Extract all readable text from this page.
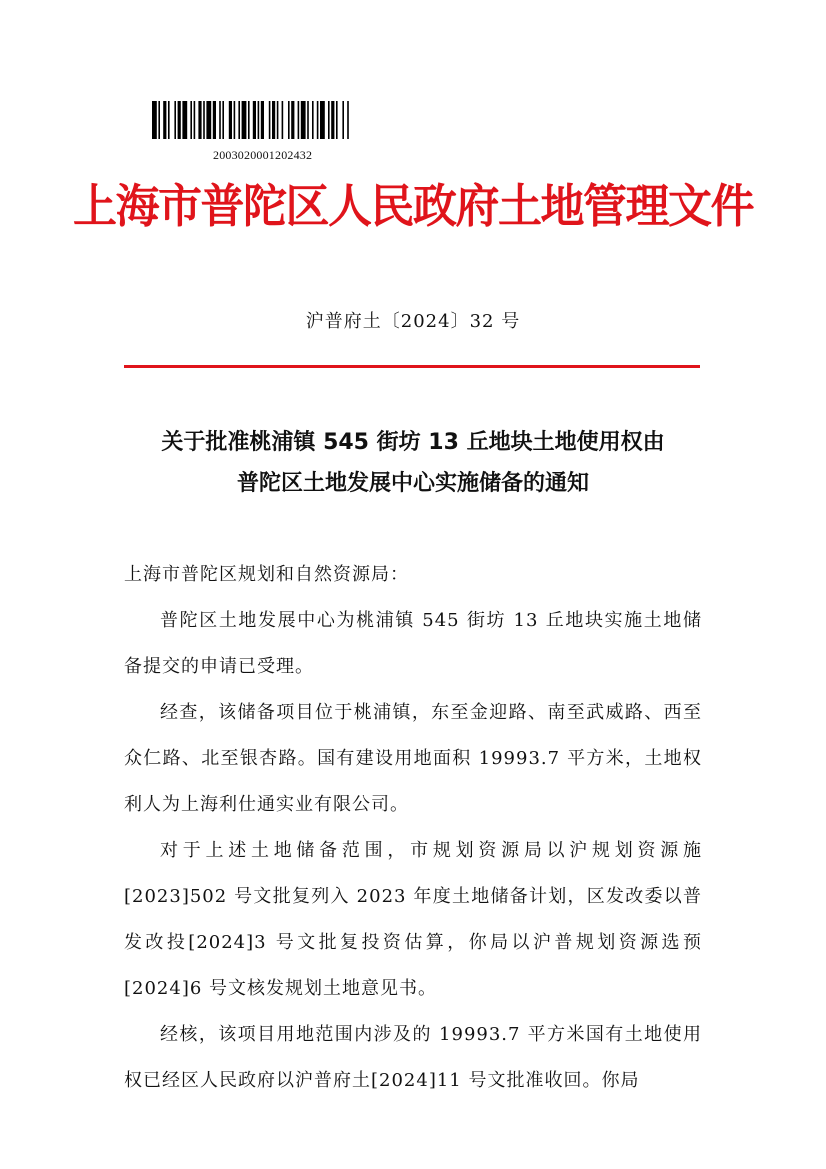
2003020001202432
上海市普陀区人民政府土地管理文件
沪普府土〔2024〕32 号
关于批准桃浦镇 545 街坊 13 丘地块土地使用权由
普陀区土地发展中心实施储备的通知

上海市普陀区规划和自然资源局：

普陀区土地发展中心为桃浦镇 545 街坊 13 丘地块实施土地储备提交的申请已受理。

经查，该储备项目位于桃浦镇，东至金迎路、南至武威路、西至众仁路、北至银杏路。国有建设用地面积 19993.7 平方米，土地权利人为上海利仕通实业有限公司。

对于上述土地储备范围，市规划资源局以沪规划资源施[2023]502 号文批复列入 2023 年度土地储备计划，区发改委以普发改投[2024]3 号文批复投资估算，你局以沪普规划资源选预[2024]6 号文核发规划土地意见书。

经核，该项目用地范围内涉及的 19993.7 平方米国有土地使用权已经区人民政府以沪普府土[2024]11 号文批准收回。你局
